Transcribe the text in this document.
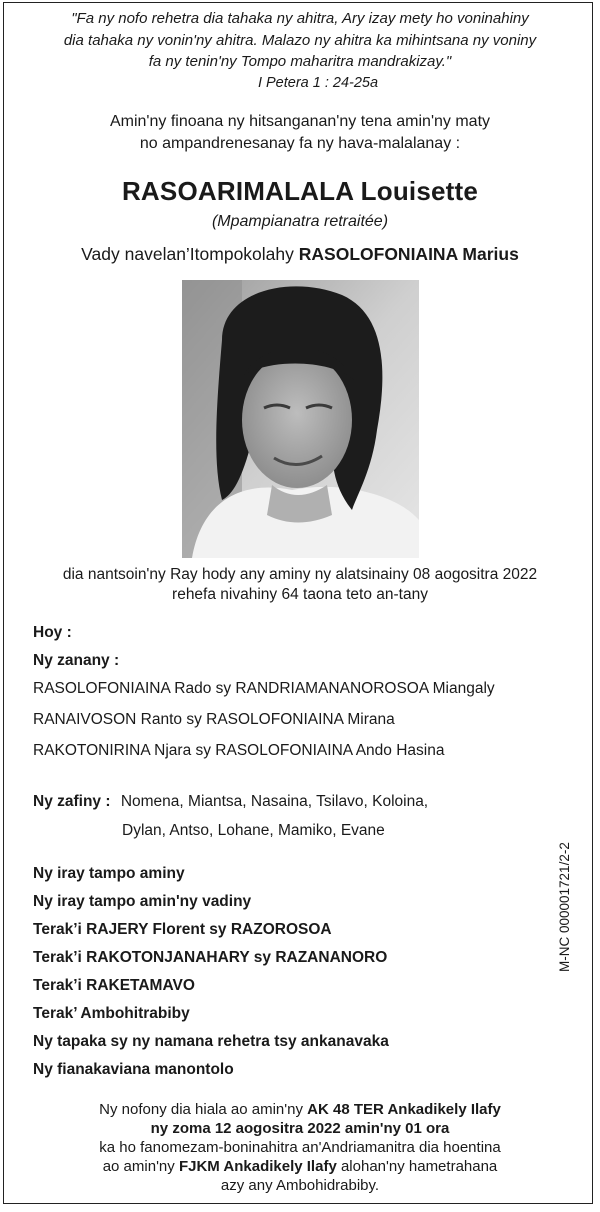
"Fa ny nofo rehetra dia tahaka ny ahitra, Ary izay mety ho voninahiny
dia tahaka ny vonin'ny ahitra. Malazo ny ahitra ka mihintsana ny voniny
fa ny tenin'ny Tompo maharitra mandrakizay."
I Petera 1 : 24-25a
Amin'ny finoana ny hitsanganan'ny tena amin'ny maty
no ampandrenesanay fa ny hava-malalanay :
RASOARIMALALA Louisette
(Mpampianatra retraitée)
Vady navelan’Itompokolahy RASOLOFONIAINA Marius
dia nantsoin'ny Ray hody any aminy ny alatsinainy 08 aogositra 2022
rehefa nivahiny 64 taona teto an-tany
Hoy :
Ny zanany :
RASOLOFONIAINA Rado sy RANDRIAMANANOROSOA Miangaly
RANAIVOSON Ranto sy RASOLOFONIAINA Mirana
RAKOTONIRINA Njara sy RASOLOFONIAINA Ando Hasina
Ny zafiny : Nomena, Miantsa, Nasaina, Tsilavo, Koloina,
Dylan, Antso, Lohane, Mamiko, Evane
Ny iray tampo aminy
Ny iray tampo amin'ny vadiny
Terak’i RAJERY Florent sy RAZOROSOA
Terak’i RAKOTONJANAHARY sy RAZANANORO
Terak’i RAKETAMAVO
Terak’ Ambohitrabiby
Ny tapaka sy ny namana rehetra tsy ankanavaka
Ny fianakaviana manontolo
M-NC 000001721/2-2
Ny nofony dia hiala ao amin'ny AK 48 TER Ankadikely Ilafy
ny zoma 12 aogositra 2022 amin'ny 01 ora
ka ho fanomezam-boninahitra an'Andriamanitra dia hoentina
ao amin'ny FJKM Ankadikely Ilafy alohan'ny hametrahana
azy any Ambohidrabiby.
